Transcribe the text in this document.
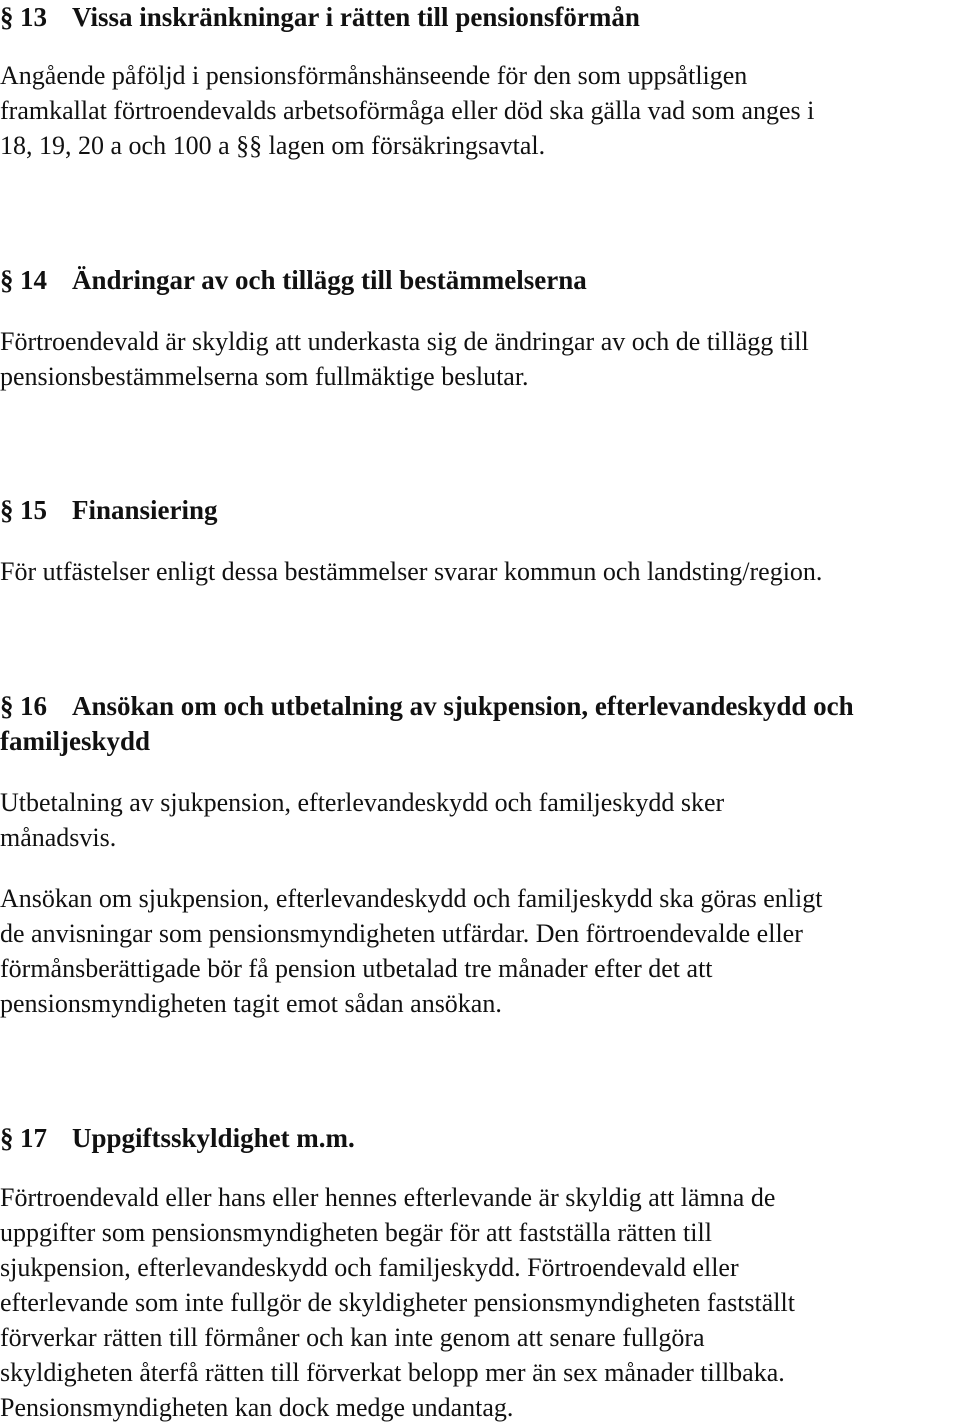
§ 13 Vissa inskränkningar i rätten till pensionsförmån
Angående påföljd i pensionsförmånshänseende för den som uppsåtligen
framkallat förtroendevalds arbetsoförmåga eller död ska gälla vad som anges i
18, 19, 20 a och 100 a §§ lagen om försäkringsavtal.
§ 14 Ändringar av och tillägg till bestämmelserna
Förtroendevald är skyldig att underkasta sig de ändringar av och de tillägg till
pensionsbestämmelserna som fullmäktige beslutar.
§ 15 Finansiering
För utfästelser enligt dessa bestämmelser svarar kommun och landsting/region.
§ 16 Ansökan om och utbetalning av sjukpension, efterlevandeskydd och
familjeskydd
Utbetalning av sjukpension, efterlevandeskydd och familjeskydd sker
månadsvis.
Ansökan om sjukpension, efterlevandeskydd och familjeskydd ska göras enligt
de anvisningar som pensionsmyndigheten utfärdar. Den förtroendevalde eller
förmånsberättigade bör få pension utbetalad tre månader efter det att
pensionsmyndigheten tagit emot sådan ansökan.
§ 17 Uppgiftsskyldighet m.m.
Förtroendevald eller hans eller hennes efterlevande är skyldig att lämna de
uppgifter som pensionsmyndigheten begär för att fastställa rätten till
sjukpension, efterlevandeskydd och familjeskydd. Förtroendevald eller
efterlevande som inte fullgör de skyldigheter pensionsmyndigheten fastställt
förverkar rätten till förmåner och kan inte genom att senare fullgöra
skyldigheten återfå rätten till förverkat belopp mer än sex månader tillbaka.
Pensionsmyndigheten kan dock medge undantag.
